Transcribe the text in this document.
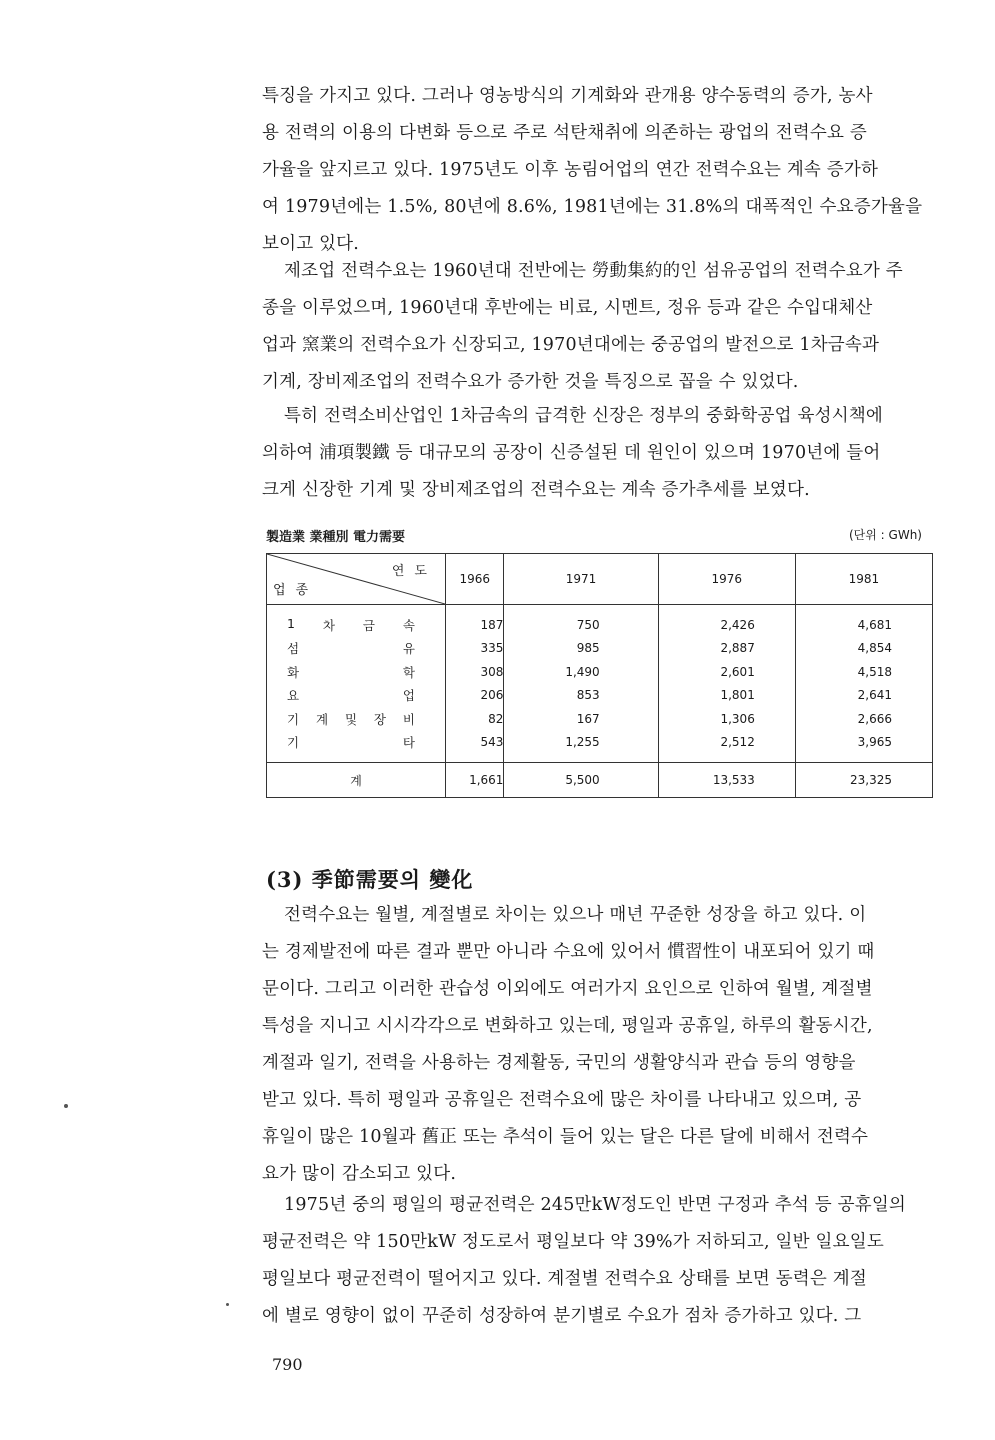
특징을 가지고 있다. 그러나 영농방식의 기계화와 관개용 양수동력의 증가, 농사
용 전력의 이용의 다변화 등으로 주로 석탄채취에 의존하는 광업의 전력수요 증
가율을 앞지르고 있다. 1975년도 이후 농림어업의 연간 전력수요는 계속 증가하
여 1979년에는 1.5%, 80년에 8.6%, 1981년에는 31.8%의 대폭적인 수요증가율을
보이고 있다.
제조업 전력수요는 1960년대 전반에는 勞動集約的인 섬유공업의 전력수요가 주
종을 이루었으며, 1960년대 후반에는 비료, 시멘트, 정유 등과 같은 수입대체산
업과 窯業의 전력수요가 신장되고, 1970년대에는 중공업의 발전으로 1차금속과
기계, 장비제조업의 전력수요가 증가한 것을 특징으로 꼽을 수 있었다.
특히 전력소비산업인 1차금속의 급격한 신장은 정부의 중화학공업 육성시책에
의하여 浦項製鐵 등 대규모의 공장이 신증설된 데 원인이 있으며 1970년에 들어
크게 신장한 기계 및 장비제조업의 전력수요는 계속 증가추세를 보였다.
製造業 業種別 電力需要	(단위 : GWh)
연도
업종	1966	1971	1976	1981

1 차 금 속	187	750	2,426	4,681

섬 유	335	985	2,887	4,854

화 학	308	1,490	2,601	4,518

요 업	206	853	1,801	2,641

기 계 및 장 비	82	167	1,306	2,666

기 타	543	1,255	2,512	3,965
계	1,661	5,500	13,533	23,325
(3) 季節需要의 變化
전력수요는 월별, 계절별로 차이는 있으나 매년 꾸준한 성장을 하고 있다. 이
는 경제발전에 따른 결과 뿐만 아니라 수요에 있어서 慣習性이 내포되어 있기 때
문이다. 그리고 이러한 관습성 이외에도 여러가지 요인으로 인하여 월별, 계절별
특성을 지니고 시시각각으로 변화하고 있는데, 평일과 공휴일, 하루의 활동시간,
계절과 일기, 전력을 사용하는 경제활동, 국민의 생활양식과 관습 등의 영향을
받고 있다. 특히 평일과 공휴일은 전력수요에 많은 차이를 나타내고 있으며, 공
휴일이 많은 10월과 舊正 또는 추석이 들어 있는 달은 다른 달에 비해서 전력수
요가 많이 감소되고 있다.
1975년 중의 평일의 평균전력은 245만kW정도인 반면 구정과 추석 등 공휴일의
평균전력은 약 150만kW 정도로서 평일보다 약 39%가 저하되고, 일반 일요일도
평일보다 평균전력이 떨어지고 있다. 계절별 전력수요 상태를 보면 동력은 계절
에 별로 영향이 없이 꾸준히 성장하여 분기별로 수요가 점차 증가하고 있다. 그
790
